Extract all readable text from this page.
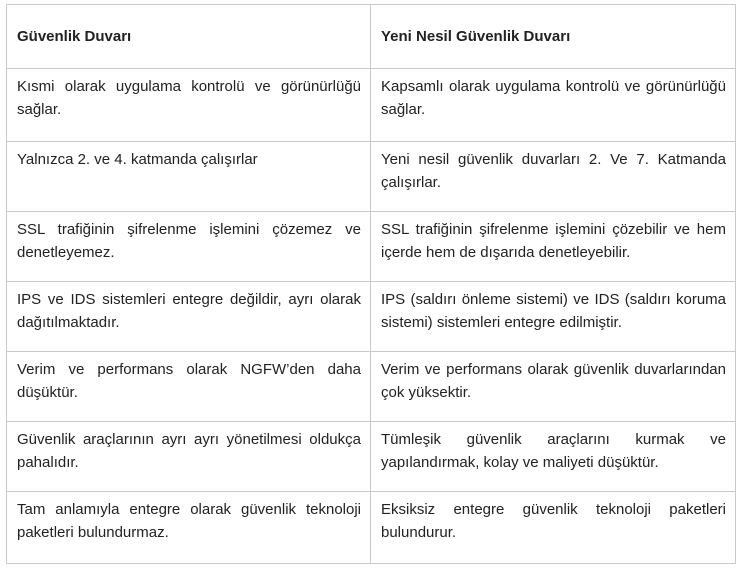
Güvenlik Duvarı	Yeni Nesil Güvenlik Duvarı
Kısmi olarak uygulama kontrolü ve görünürlüğü sağlar.	Kapsamlı olarak uygulama kontrolü ve görünürlüğü sağlar.
Yalnızca 2. ve 4. katmanda çalışırlar	Yeni nesil güvenlik duvarları 2. Ve 7. Katmanda çalışırlar.
SSL trafiğinin şifrelenme işlemini çözemez ve denetleyemez.	SSL trafiğinin şifrelenme işlemini çözebilir ve hem içerde hem de dışarıda denetleyebilir.
IPS ve IDS sistemleri entegre değildir, ayrı olarak dağıtılmaktadır.	IPS (saldırı önleme sistemi) ve IDS (saldırı koruma sistemi) sistemleri entegre edilmiştir.
Verim ve performans olarak NGFW’den daha düşüktür.	Verim ve performans olarak güvenlik duvarlarından çok yüksektir.
Güvenlik araçlarının ayrı ayrı yönetilmesi oldukça pahalıdır.	Tümleşik güvenlik araçlarını kurmak ve yapılandırmak, kolay ve maliyeti düşüktür.
Tam anlamıyla entegre olarak güvenlik teknoloji paketleri bulundurmaz.	Eksiksiz entegre güvenlik teknoloji paketleri bulundurur.
